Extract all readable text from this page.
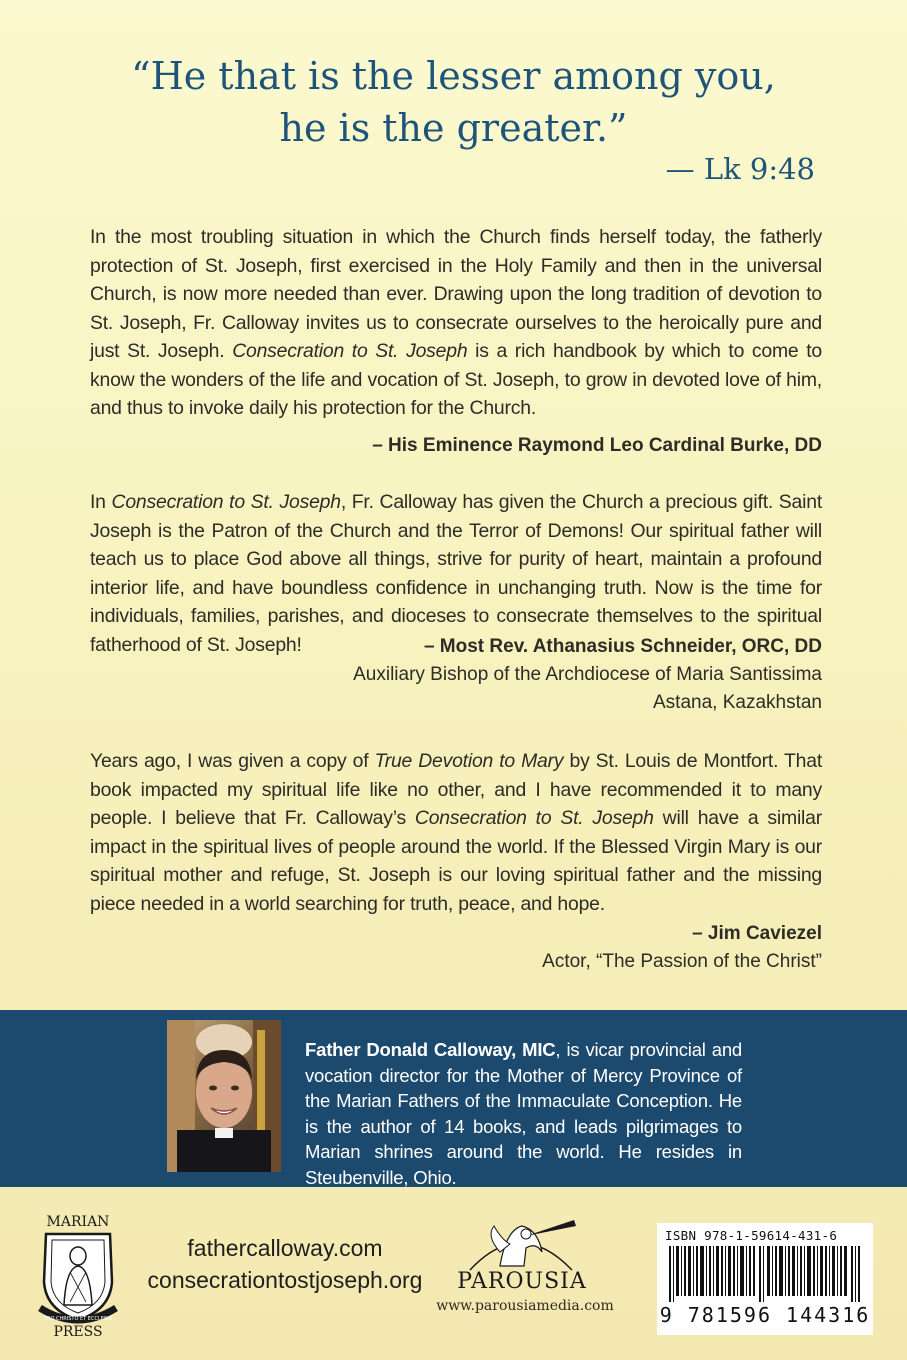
“He that is the lesser among you,
he is the greater.”
— Lk 9:48
In the most troubling situation in which the Church finds herself today, the fatherly protection of St. Joseph, first exercised in the Holy Family and then in the universal Church, is now more needed than ever. Drawing upon the long tradition of devotion to St. Joseph, Fr. Calloway invites us to consecrate ourselves to the heroically pure and just St. Joseph. Consecration to St. Joseph is a rich handbook by which to come to know the wonders of the life and vocation of St. Joseph, to grow in devoted love of him, and thus to invoke daily his protection for the Church.
– His Eminence Raymond Leo Cardinal Burke, DD
In Consecration to St. Joseph, Fr. Calloway has given the Church a precious gift. Saint Joseph is the Patron of the Church and the Terror of Demons! Our spiritual father will teach us to place God above all things, strive for purity of heart, maintain a profound interior life, and have boundless confidence in unchanging truth. Now is the time for individuals, families, parishes, and dioceses to consecrate themselves to the spiritual fatherhood of St. Joseph!	– Most Rev. Athanasius Schneider, ORC, DD
Auxiliary Bishop of the Archdiocese of Maria Santissima
Astana, Kazakhstan
Years ago, I was given a copy of True Devotion to Mary by St. Louis de Montfort. That book impacted my spiritual life like no other, and I have recommended it to many people. I believe that Fr. Calloway’s Consecration to St. Joseph will have a similar impact in the spiritual lives of people around the world. If the Blessed Virgin Mary is our spiritual mother and refuge, St. Joseph is our loving spiritual father and the missing piece needed in a world searching for truth, peace, and hope.
– Jim Caviezel
Actor, “The Passion of the Christ”
Father Donald Calloway, MIC, is vicar provincial and vocation director for the Mother of Mercy Province of the Marian Fathers of the Immaculate Conception. He is the author of 14 books, and leads pilgrimages to Marian shrines around the world. He resides in Steubenville, Ohio.
MARIAN
PRO CHRISTO ET ECCLESIA
PRESS
fathercalloway.com
consecrationtostjoseph.org	PAROUSIA
www.parousiamedia.com
ISBN 978-1-59614-431-6
9 781596 144316
